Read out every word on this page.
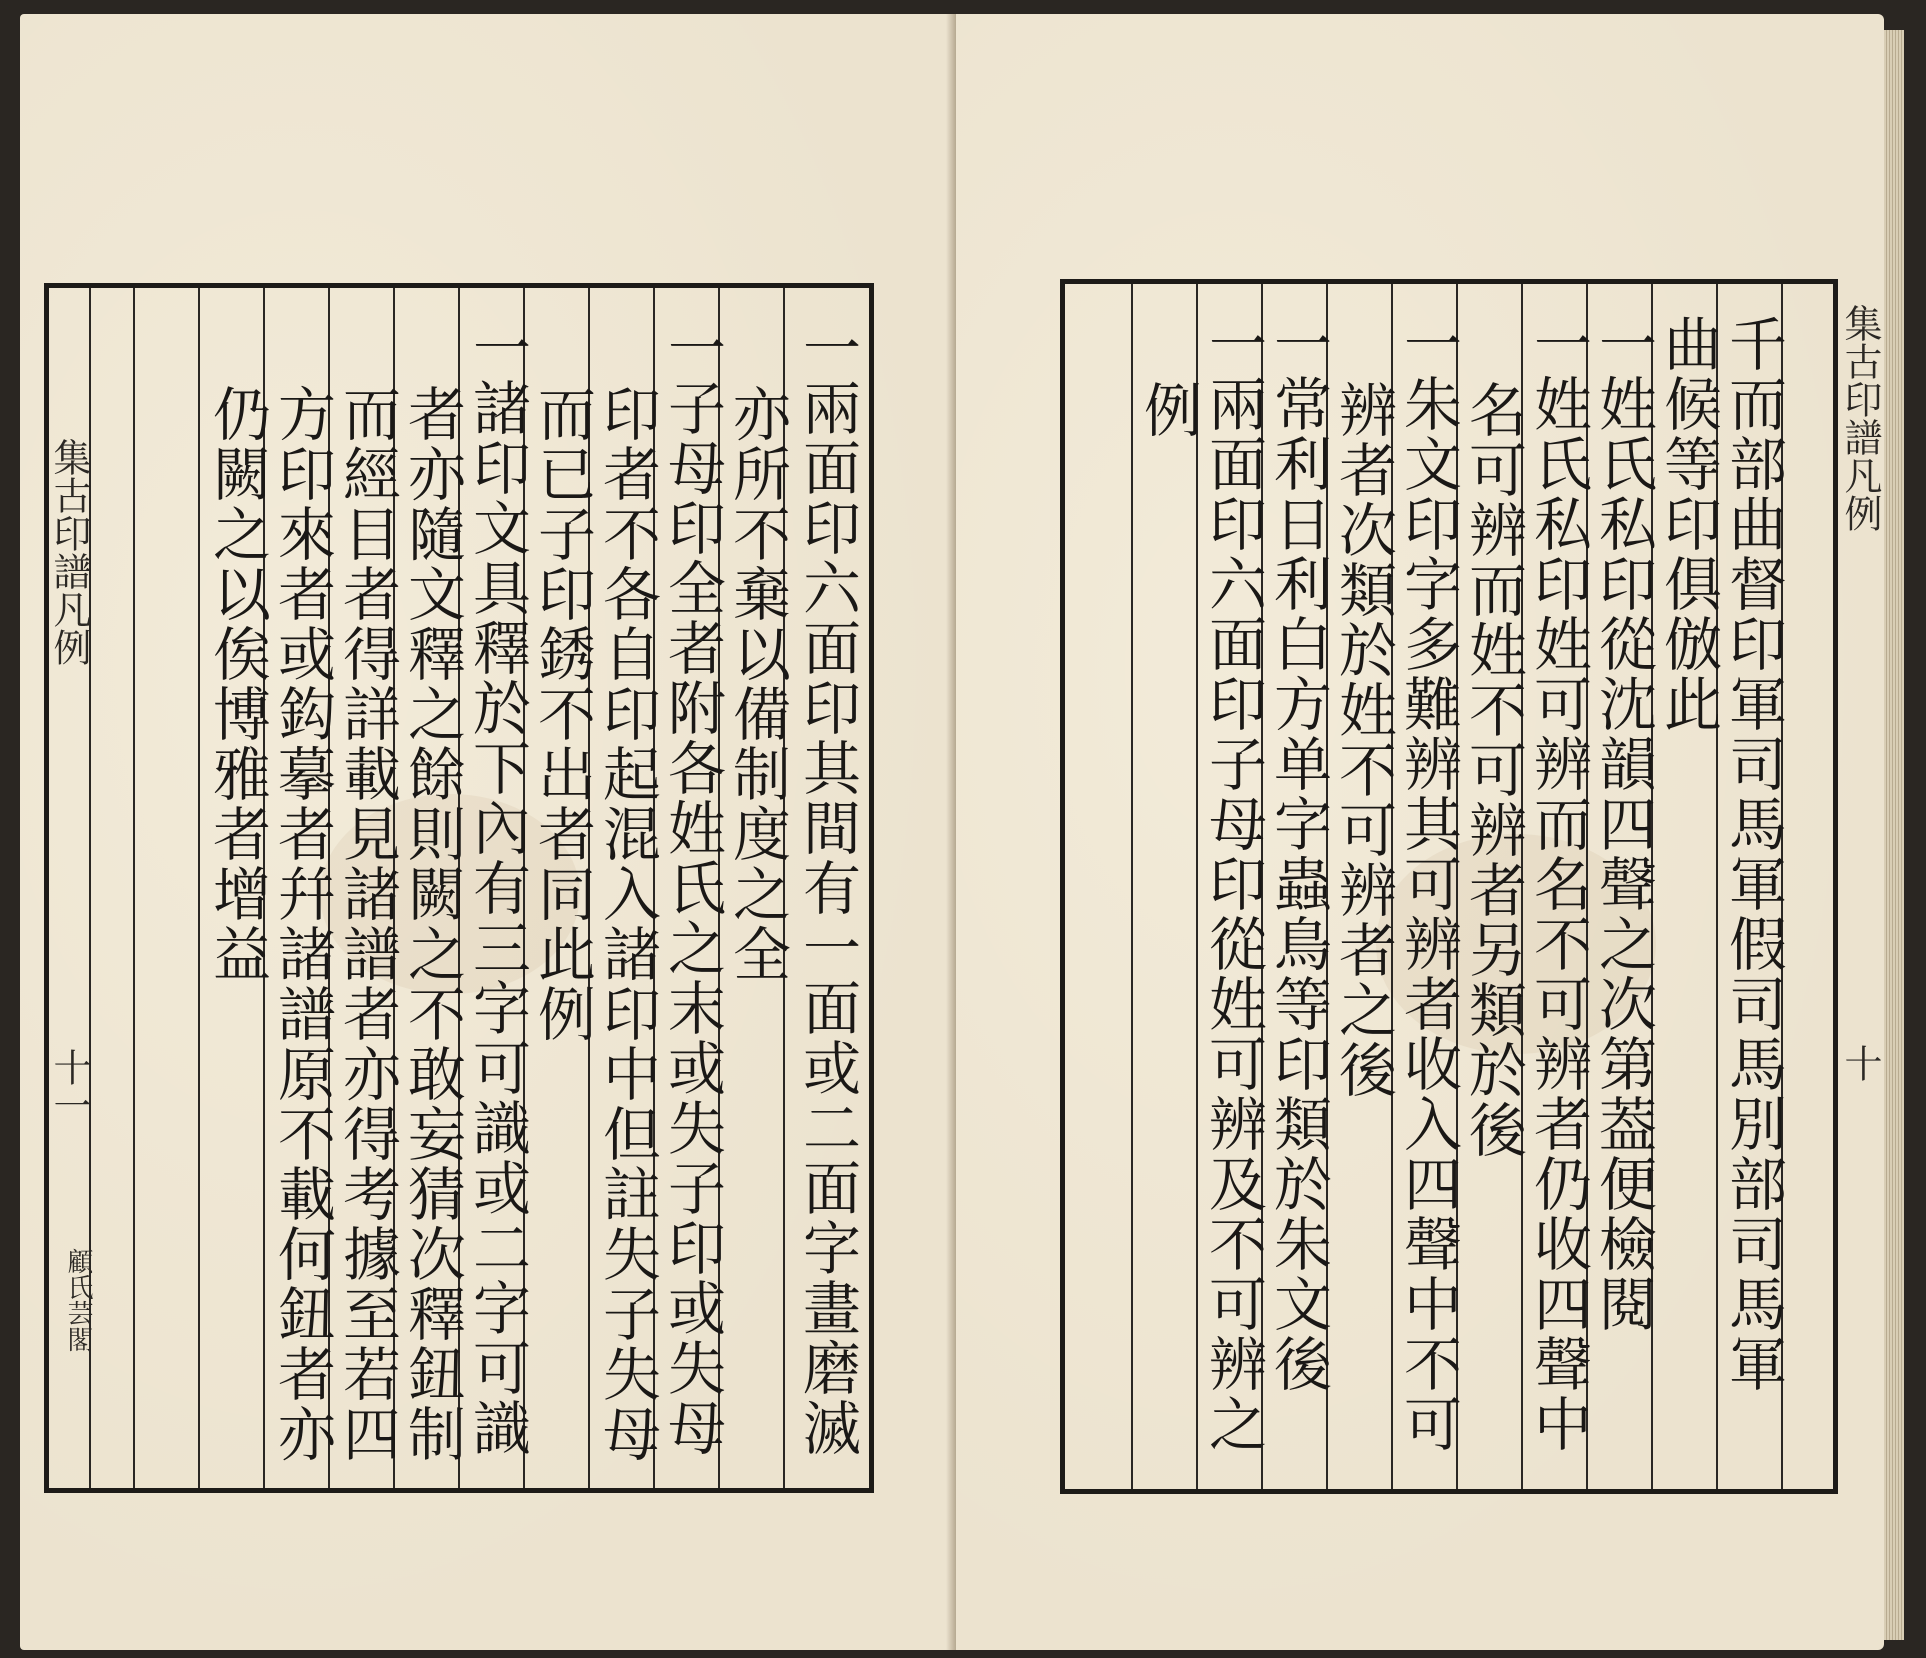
一兩面印六面印其間有一面或二面字畫磨滅
亦所不棄以備制度之全
一子母印全者附各姓氏之末或失子印或失母
印者不各自印起混入諸印中但註失子失母
而已子印銹不出者同此例
一諸印文具釋於下內有三字可識或二字可識
者亦隨文釋之餘則闕之不敢妄猜次釋鈕制
而經目者得詳載見諸譜者亦得考據至若四
方印來者或鈎摹者幷諸譜原不載何鈕者亦
仍闕之以俟博雅者增益
集古印譜凡例
十一
顧氏芸閣	千而部曲督印軍司馬軍假司馬別部司馬軍
曲候等印俱倣此
一姓氏私印從沈韻四聲之次第葢便檢閱
一姓氏私印姓可辨而名不可辨者仍收四聲中
名可辨而姓不可辨者另類於後
一朱文印字多難辨其可辨者收入四聲中不可
辨者次類於姓不可辨者之後
一常利日利白方单字蟲鳥等印類於朱文後
一兩面印六面印子母印從姓可辨及不可辨之
例	集古印譜凡例
十
